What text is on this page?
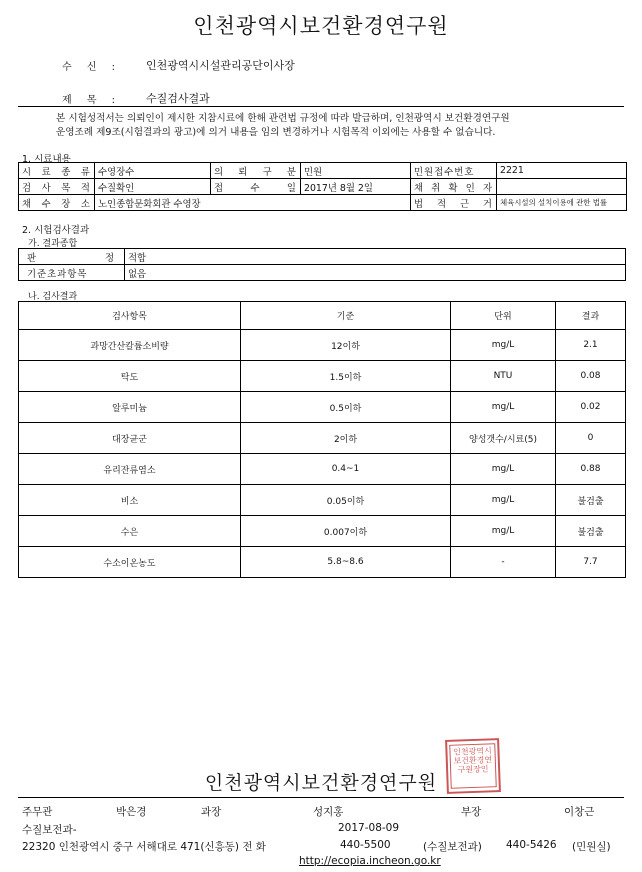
인천광역시보건환경연구원
수 신 : 인천광역시시설관리공단이사장
제 목 : 수질검사결과
본 시험성적서는 의뢰인이 제시한 지참시료에 한해 관련법 규정에 따라 발급하며, 인천광역시 보건환경연구원
운영조례 제9조(시험결과의 광고)에 의거 내용을 임의 변경하거나 시험목적 이외에는 사용할 수 없습니다.
1. 시료내용
시 료 종 류	수영장수	의 뢰 구 분	민원	민원접수번호	2221
검 사 목 적	수질확인	접 수 일	2017년 8월 2일	채 취 확 인 자	
채 수 장 소	노인종합문화회관 수영장			법 적 근 거	체육시설의 설치이용에 관한 법률
2. 시험검사결과
가. 결과종합
판 정	적합
기준초과항목	없음
나. 검사결과
검사항목	기준	단위	결과
과망간산칼륨소비량	12이하	mg/L	2.1
탁도	1.5이하	NTU	0.08
알루미늄	0.5이하	mg/L	0.02
대장균군	2이하	양성갯수/시료(5)	0
유리잔류염소	0.4~1	mg/L	0.88
비소	0.05이하	mg/L	불검출
수은	0.007이하	mg/L	불검출
수소이온농도	5.8~8.6	-	7.7
인천광역시보건환경연구원장인
인천광역시보건환경연구원
주무관	박은경	과장	성지홍	부장	이창근
수질보전과-	2017-08-09
22320 인천광역시 중구 서해대로 471(신흥동) 전 화	440-5500	(수질보전과) 440-5426 (민원실)
http://ecopia.incheon.go.kr
